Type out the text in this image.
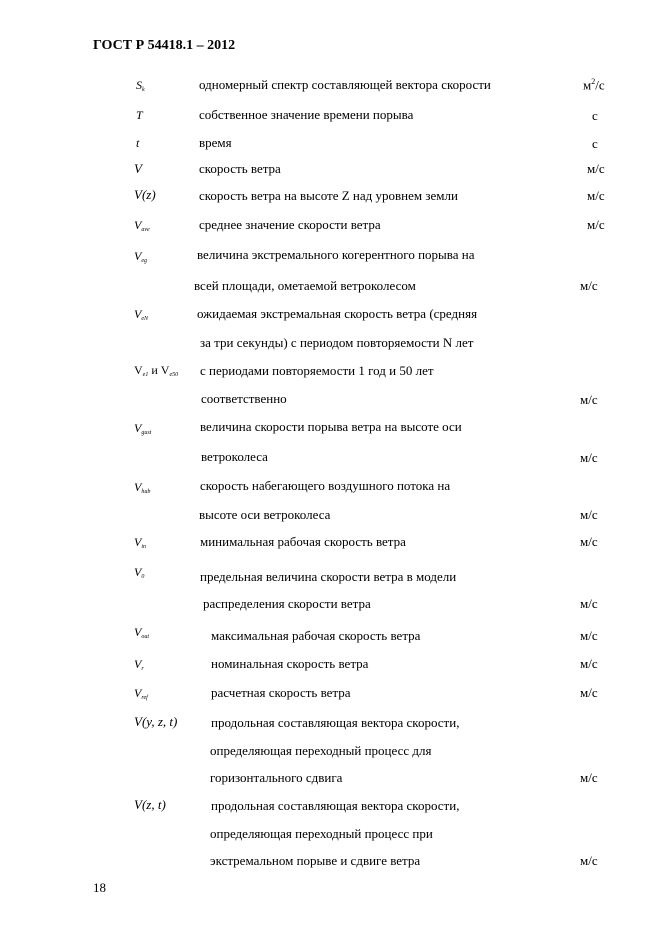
ГОСТ Р 54418.1 – 2012
$S_k$	одномерный спектр составляющей вектора скорости	$м^2/с$
T	собственное значение времени порыва	с
t	время	с
V	скорость ветра	м/с
V(z)	скорость ветра на высоте Z над уровнем земли	м/с
$V_{ave}$	среднее значение скорости ветра	м/с
$V_{eg}$	величина экстремального когерентного порыва на
всей площади, ометаемой ветроколесом	м/с
$V_{eN}$	ожидаемая экстремальная скорость ветра (средняя
за три секунды) с периодом повторяемости N лет
$V_{e1}$ и $V_{e50}$ с периодами повторяемости 1 год и 50 лет
соответственно	м/с
$V_{gust}$	величина скорости порыва ветра на высоте оси
ветроколеса	м/с
$V_{hub}$	скорость набегающего воздушного потока на
высоте оси ветроколеса	м/с
$V_{in}$	минимальная рабочая скорость ветра	м/с
$V_0$	предельная величина скорости ветра в модели
распределения скорости ветра	м/с
$V_{out}$	максимальная рабочая скорость ветра	м/с
$V_r$	номинальная скорость ветра	м/с
$V_{ref}$	расчетная скорость ветра	м/с
V(y, z, t)	продольная составляющая вектора скорости,
определяющая переходный процесс для
горизонтального сдвига	м/с
V(z, t)	продольная составляющая вектора скорости,
определяющая переходный процесс при
экстремальном порыве и сдвиге ветра	м/с
18
